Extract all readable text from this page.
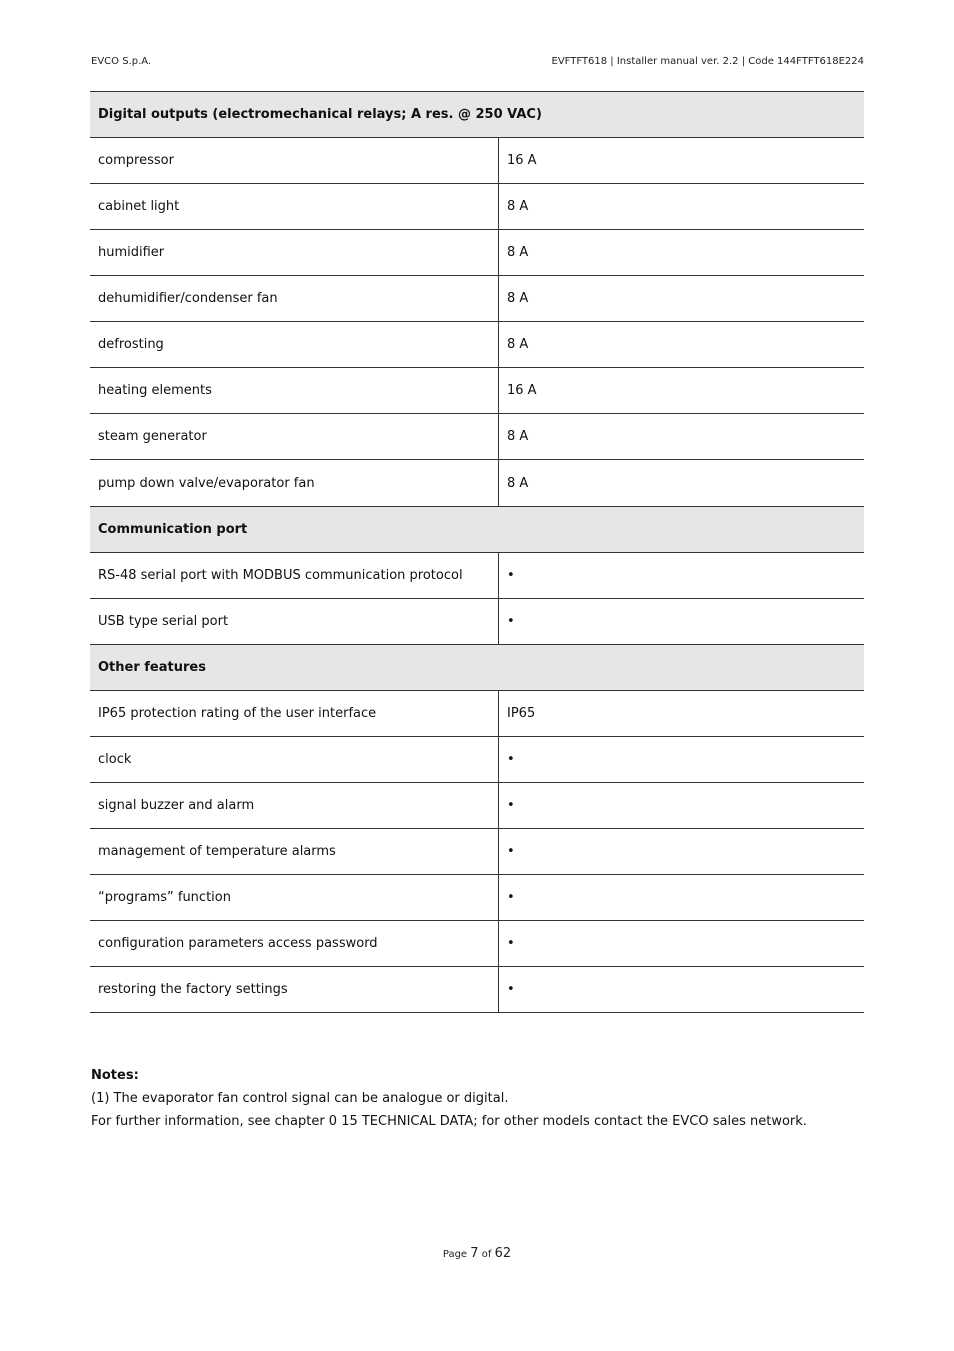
EVCO S.p.A.	EVFTFT618 | Installer manual ver. 2.2 | Code 144FTFT618E224
Digital outputs (electromechanical relays; A res. @ 250 VAC)	
compressor	16 A
cabinet light	8 A
humidifier	8 A
dehumidifier/condenser fan	8 A
defrosting	8 A
heating elements	16 A
steam generator	8 A
pump down valve/evaporator fan	8 A
Communication port	
RS-48 serial port with MODBUS communication protocol	•
USB type serial port	•
Other features	
IP65 protection rating of the user interface	IP65
clock	•
signal buzzer and alarm	•
management of temperature alarms	•
“programs” function	•
configuration parameters access password	•
restoring the factory settings	•
Notes:
(1) The evaporator fan control signal can be analogue or digital.
For further information, see chapter 0 15 TECHNICAL DATA; for other models contact the EVCO sales network.
Page 7 of 62
